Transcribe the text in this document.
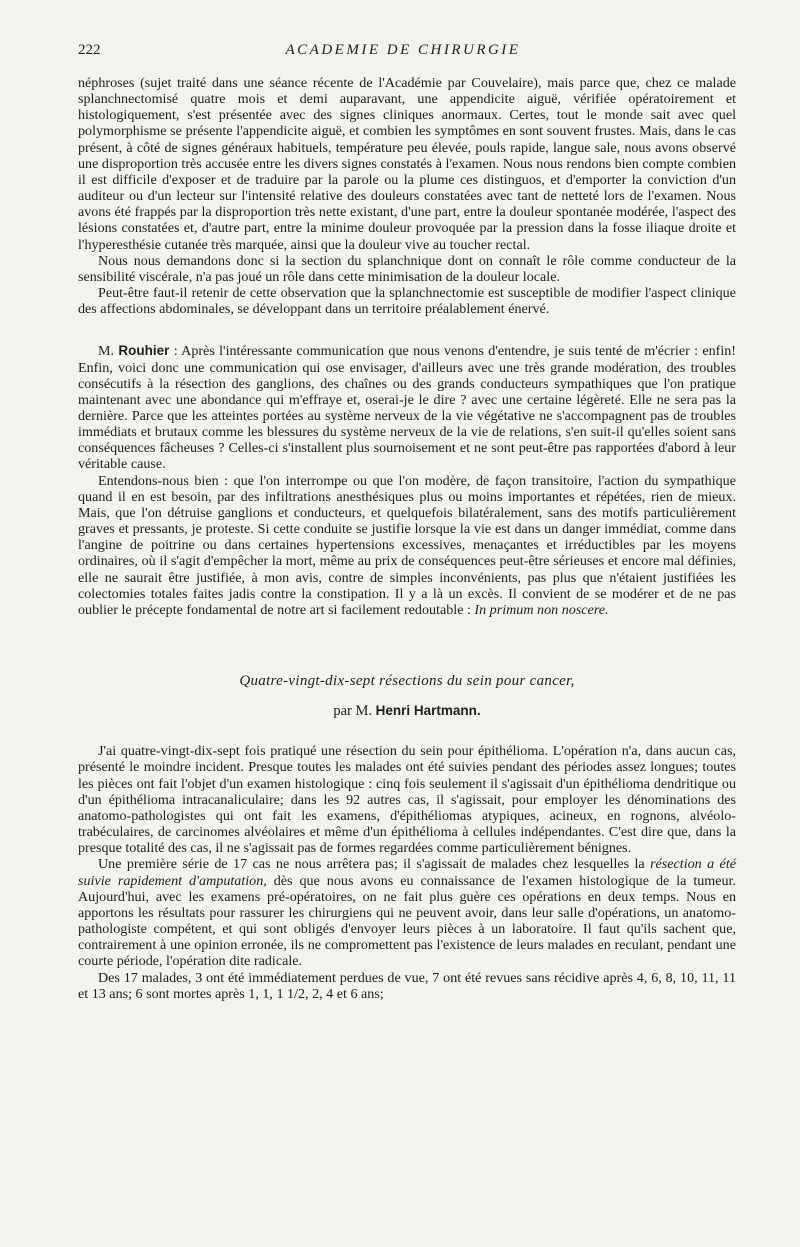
222	ACADEMIE DE CHIRURGIE

néphroses (sujet traité dans une séance récente de l'Académie par Couvelaire), mais parce que, chez ce malade splanchnectomisé quatre mois et demi auparavant, une appendicite aiguë, vérifiée opératoirement et histologiquement, s'est présentée avec des signes cliniques anormaux. Certes, tout le monde sait avec quel polymorphisme se présente l'appendicite aiguë, et combien les symptômes en sont souvent frustes. Mais, dans le cas présent, à côté de signes généraux habituels, température peu élevée, pouls rapide, langue sale, nous avons observé une disproportion très accusée entre les divers signes constatés à l'examen. Nous nous rendons bien compte combien il est difficile d'exposer et de traduire par la parole ou la plume ces distinguos, et d'emporter la conviction d'un auditeur ou d'un lecteur sur l'intensité relative des douleurs constatées avec tant de netteté lors de l'examen. Nous avons été frappés par la disproportion très nette existant, d'une part, entre la douleur spontanée modérée, l'aspect des lésions constatées et, d'autre part, entre la minime douleur provoquée par la pression dans la fosse iliaque droite et l'hyperesthésie cutanée très marquée, ainsi que la douleur vive au toucher rectal.

Nous nous demandons donc si la section du splanchnique dont on connaît le rôle comme conducteur de la sensibilité viscérale, n'a pas joué un rôle dans cette minimisation de la douleur locale.

Peut-être faut-il retenir de cette observation que la splanchnectomie est susceptible de modifier l'aspect clinique des affections abdominales, se développant dans un territoire préalablement énervé.

M. Rouhier : Après l'intéressante communication que nous venons d'entendre, je suis tenté de m'écrier : enfin! Enfin, voici donc une communication qui ose envisager, d'ailleurs avec une très grande modération, des troubles consécutifs à la résection des ganglions, des chaînes ou des grands conducteurs sympathiques que l'on pratique maintenant avec une abondance qui m'effraye et, oserai-je le dire ? avec une certaine légèreté. Elle ne sera pas la dernière. Parce que les atteintes portées au système nerveux de la vie végétative ne s'accompagnent pas de troubles immédiats et brutaux comme les blessures du système nerveux de la vie de relations, s'en suit-il qu'elles soient sans conséquences fâcheuses ? Celles-ci s'installent plus sournoisement et ne sont peut-être pas rapportées d'abord à leur véritable cause.

Entendons-nous bien : que l'on interrompe ou que l'on modère, de façon transitoire, l'action du sympathique quand il en est besoin, par des infiltrations anesthésiques plus ou moins importantes et répétées, rien de mieux. Mais, que l'on détruise ganglions et conducteurs, et quelquefois bilatéralement, sans des motifs particulièrement graves et pressants, je proteste. Si cette conduite se justifie lorsque la vie est dans un danger immédiat, comme dans l'angine de poitrine ou dans certaines hypertensions excessives, menaçantes et irréductibles par les moyens ordinaires, où il s'agit d'empêcher la mort, même au prix de conséquences peut-être sérieuses et encore mal définies, elle ne saurait être justifiée, à mon avis, contre de simples inconvénients, pas plus que n'étaient justifiées les colectomies totales faites jadis contre la constipation. Il y a là un excès. Il convient de se modérer et de ne pas oublier le précepte fondamental de notre art si facilement redoutable : In primum non noscere.

Quatre-vingt-dix-sept résections du sein pour cancer,
par M. Henri Hartmann.

J'ai quatre-vingt-dix-sept fois pratiqué une résection du sein pour épithélioma. L'opération n'a, dans aucun cas, présenté le moindre incident. Presque toutes les malades ont été suivies pendant des périodes assez longues; toutes les pièces ont fait l'objet d'un examen histologique : cinq fois seulement il s'agissait d'un épithélioma dendritique ou d'un épithélioma intracanaliculaire; dans les 92 autres cas, il s'agissait, pour employer les dénominations des anatomo-pathologistes qui ont fait les examens, d'épithéliomas atypiques, acineux, en rognons, alvéolo-trabéculaires, de carcinomes alvéolaires et même d'un épithélioma à cellules indépendantes. C'est dire que, dans la presque totalité des cas, il ne s'agissait pas de formes regardées comme particulièrement bénignes.

Une première série de 17 cas ne nous arrêtera pas; il s'agissait de malades chez lesquelles la résection a été suivie rapidement d'amputation, dès que nous avons eu connaissance de l'examen histologique de la tumeur. Aujourd'hui, avec les examens pré-opératoires, on ne fait plus guère ces opérations en deux temps. Nous en apportons les résultats pour rassurer les chirurgiens qui ne peuvent avoir, dans leur salle d'opérations, un anatomo-pathologiste compétent, et qui sont obligés d'envoyer leurs pièces à un laboratoire. Il faut qu'ils sachent que, contrairement à une opinion erronée, ils ne compromettent pas l'existence de leurs malades en reculant, pendant une courte période, l'opération dite radicale.

Des 17 malades, 3 ont été immédiatement perdues de vue, 7 ont été revues sans récidive après 4, 6, 8, 10, 11, 11 et 13 ans; 6 sont mortes après 1, 1, 1 1/2, 2, 4 et 6 ans;
